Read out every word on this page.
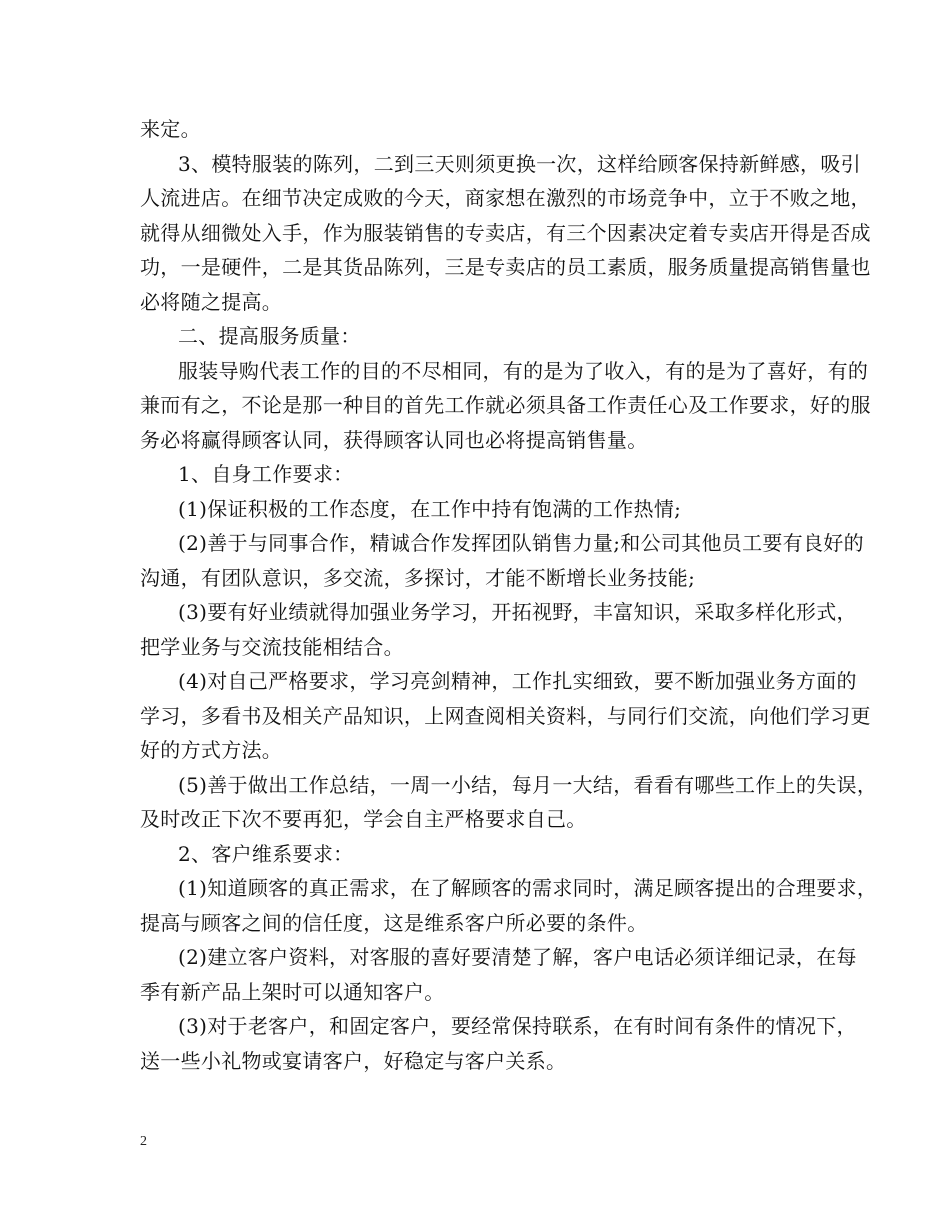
来定。
3、模特服装的陈列，二到三天则须更换一次，这样给顾客保持新鲜感，吸引
人流进店。在细节决定成败的今天，商家想在激烈的市场竞争中，立于不败之地，
就得从细微处入手，作为服装销售的专卖店，有三个因素决定着专卖店开得是否成
功，一是硬件，二是其货品陈列，三是专卖店的员工素质，服务质量提高销售量也
必将随之提高。
二、提高服务质量：
服装导购代表工作的目的不尽相同，有的是为了收入，有的是为了喜好，有的
兼而有之，不论是那一种目的首先工作就必须具备工作责任心及工作要求，好的服
务必将赢得顾客认同，获得顾客认同也必将提高销售量。
1、自身工作要求：
(1)保证积极的工作态度，在工作中持有饱满的工作热情;
(2)善于与同事合作，精诚合作发挥团队销售力量;和公司其他员工要有良好的
沟通，有团队意识，多交流，多探讨，才能不断增长业务技能;
(3)要有好业绩就得加强业务学习，开拓视野，丰富知识，采取多样化形式，
把学业务与交流技能相结合。
(4)对自己严格要求，学习亮剑精神，工作扎实细致，要不断加强业务方面的
学习，多看书及相关产品知识，上网查阅相关资料，与同行们交流，向他们学习更
好的方式方法。
(5)善于做出工作总结，一周一小结，每月一大结，看看有哪些工作上的失误，
及时改正下次不要再犯，学会自主严格要求自己。
2、客户维系要求：
(1)知道顾客的真正需求，在了解顾客的需求同时，满足顾客提出的合理要求，
提高与顾客之间的信任度，这是维系客户所必要的条件。
(2)建立客户资料，对客服的喜好要清楚了解，客户电话必须详细记录，在每
季有新产品上架时可以通知客户。
(3)对于老客户，和固定客户，要经常保持联系，在有时间有条件的情况下，
送一些小礼物或宴请客户，好稳定与客户关系。
2
